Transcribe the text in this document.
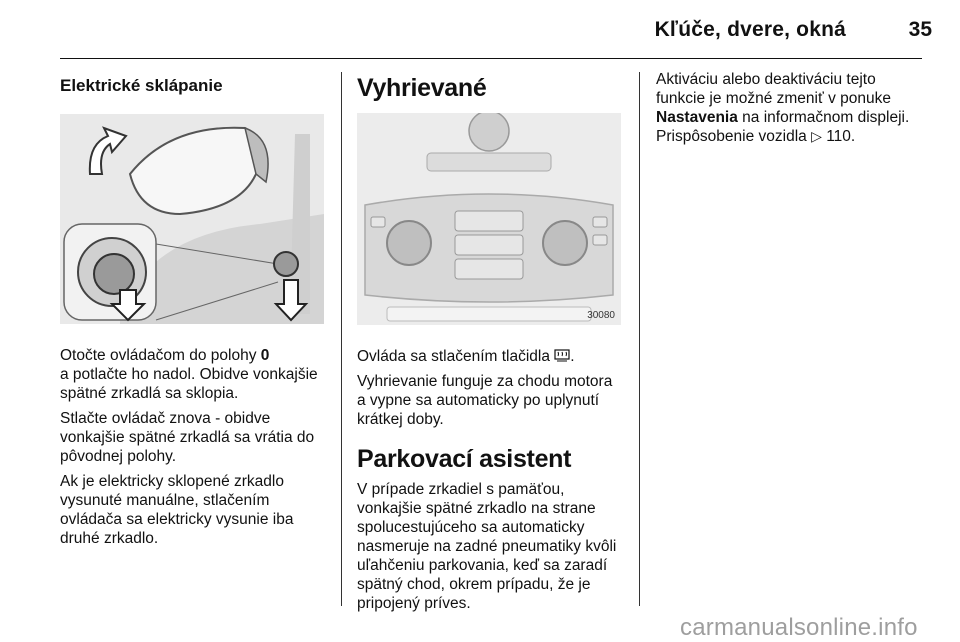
Kľúče, dvere, okná	35
Elektrické sklápanie

Otočte ovládačom do polohy 0
a potlačte ho nadol. Obidve vonkajšie spätné zrkadlá sa sklopia.

Stlačte ovládač znova - obidve vonkajšie spätné zrkadlá sa vrátia do pôvodnej polohy.

Ak je elektricky sklopené zrkadlo vysunuté manuálne, stlačením ovládača sa elektricky vysunie iba druhé zrkadlo.

Vyhrievané
30080

Ovláda sa stlačením tlačidla .

Vyhrievanie funguje za chodu motora a vypne sa automaticky po uplynutí krátkej doby.

Parkovací asistent

V prípade zrkadiel s pamäťou, vonkajšie spätné zrkadlo na strane spolucestujúceho sa automaticky nasmeruje na zadné pneumatiky kvôli uľahčeniu parkovania, keď sa zaradí spätný chod, okrem prípadu, že je pripojený príves.

Aktiváciu alebo deaktiváciu tejto funkcie je možné zmeniť v ponuke
Nastavenia na informačnom displeji. Prispôsobenie vozidla ▷ 110.

carmanualsonline.info
